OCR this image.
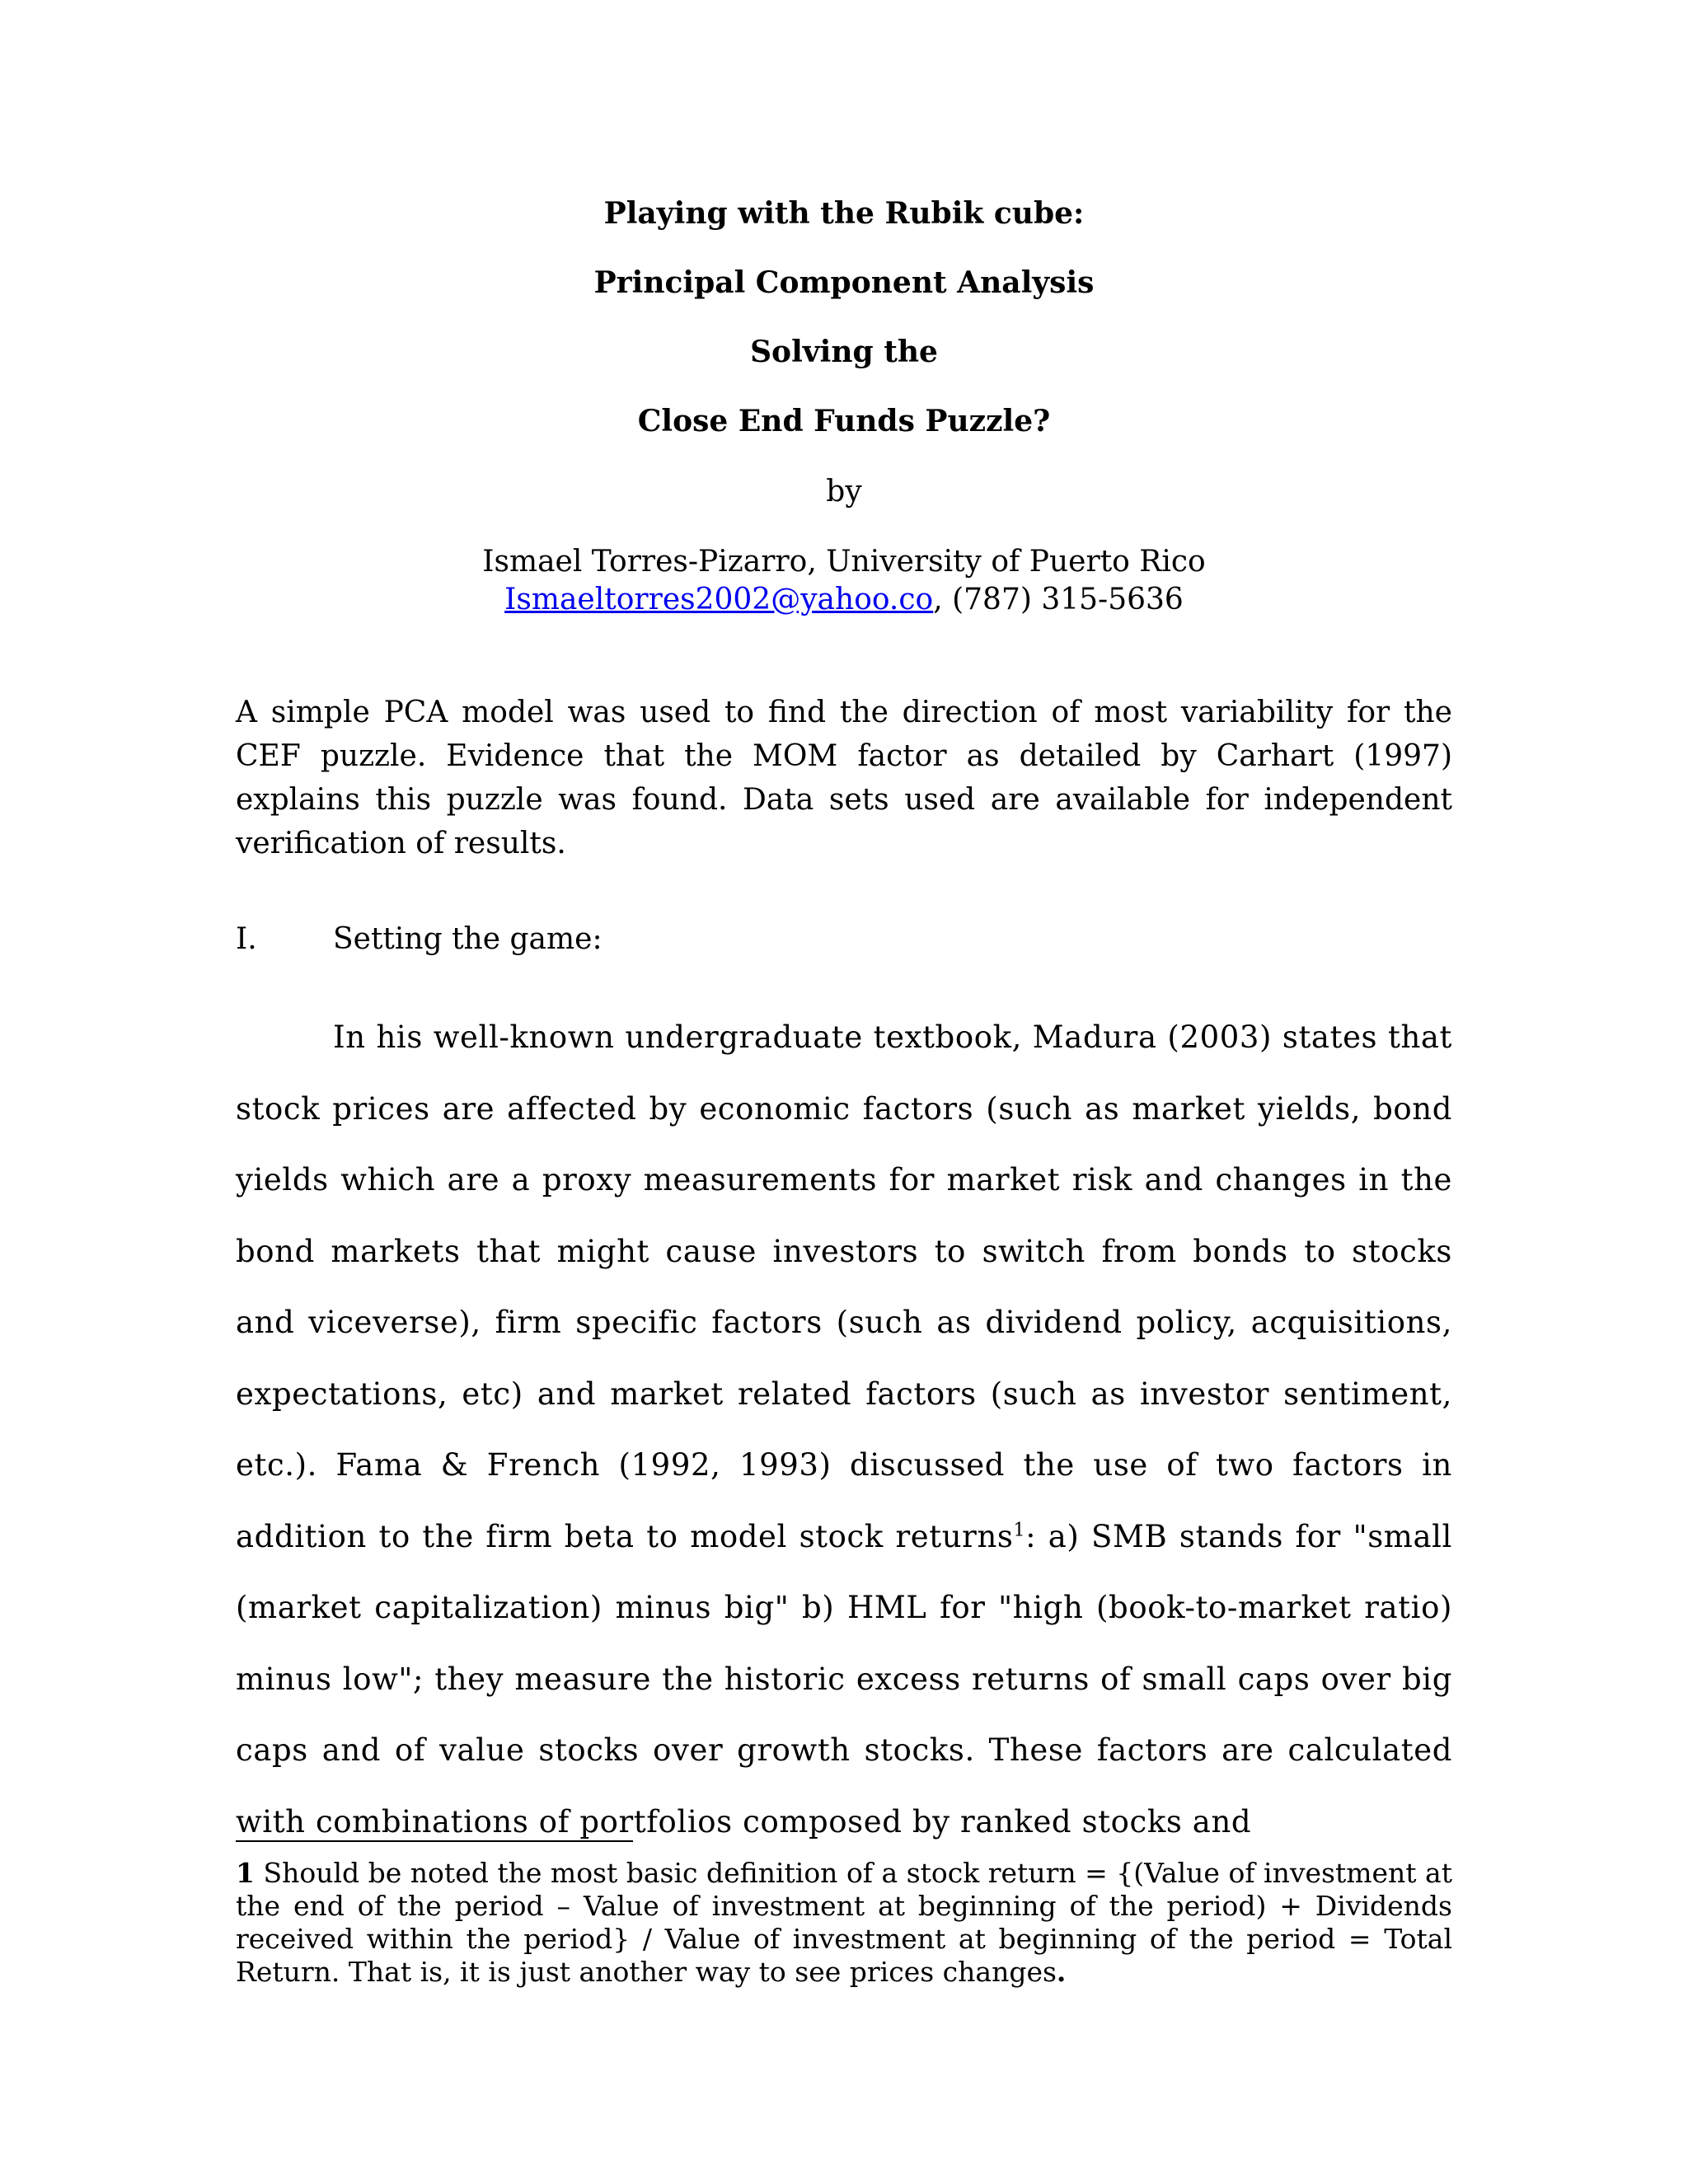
Playing with the Rubik cube:
Principal Component Analysis
Solving the
Close End Funds Puzzle?
by
Ismael Torres-Pizarro, University of Puerto Rico
Ismaeltorres2002@yahoo.co, (787) 315-5636
A simple PCA model was used to find the direction of most variability for the CEF puzzle. Evidence that the MOM factor as detailed by Carhart (1997) explains this puzzle was found. Data sets used are available for independent verification of results.
I.	Setting the game:
In his well-known undergraduate textbook, Madura (2003) states that stock prices are affected by economic factors (such as market yields, bond yields which are a proxy measurements for market risk and changes in the bond markets that might cause investors to switch from bonds to stocks and viceverse), firm specific factors (such as dividend policy, acquisitions, expectations, etc) and market related factors (such as investor sentiment, etc.). Fama & French (1992, 1993) discussed the use of two factors in addition to the firm beta to model stock returns$^1$: a) SMB stands for "small (market capitalization) minus big" b) HML for "high (book-to-market ratio) minus low"; they measure the historic excess returns of small caps over big caps and of value stocks over growth stocks. These factors are calculated with combinations of portfolios composed by ranked stocks and
1 Should be noted the most basic definition of a stock return = {(Value of investment at the end of the period – Value of investment at beginning of the period) + Dividends received within the period} / Value of investment at beginning of the period = Total Return. That is, it is just another way to see prices changes.
